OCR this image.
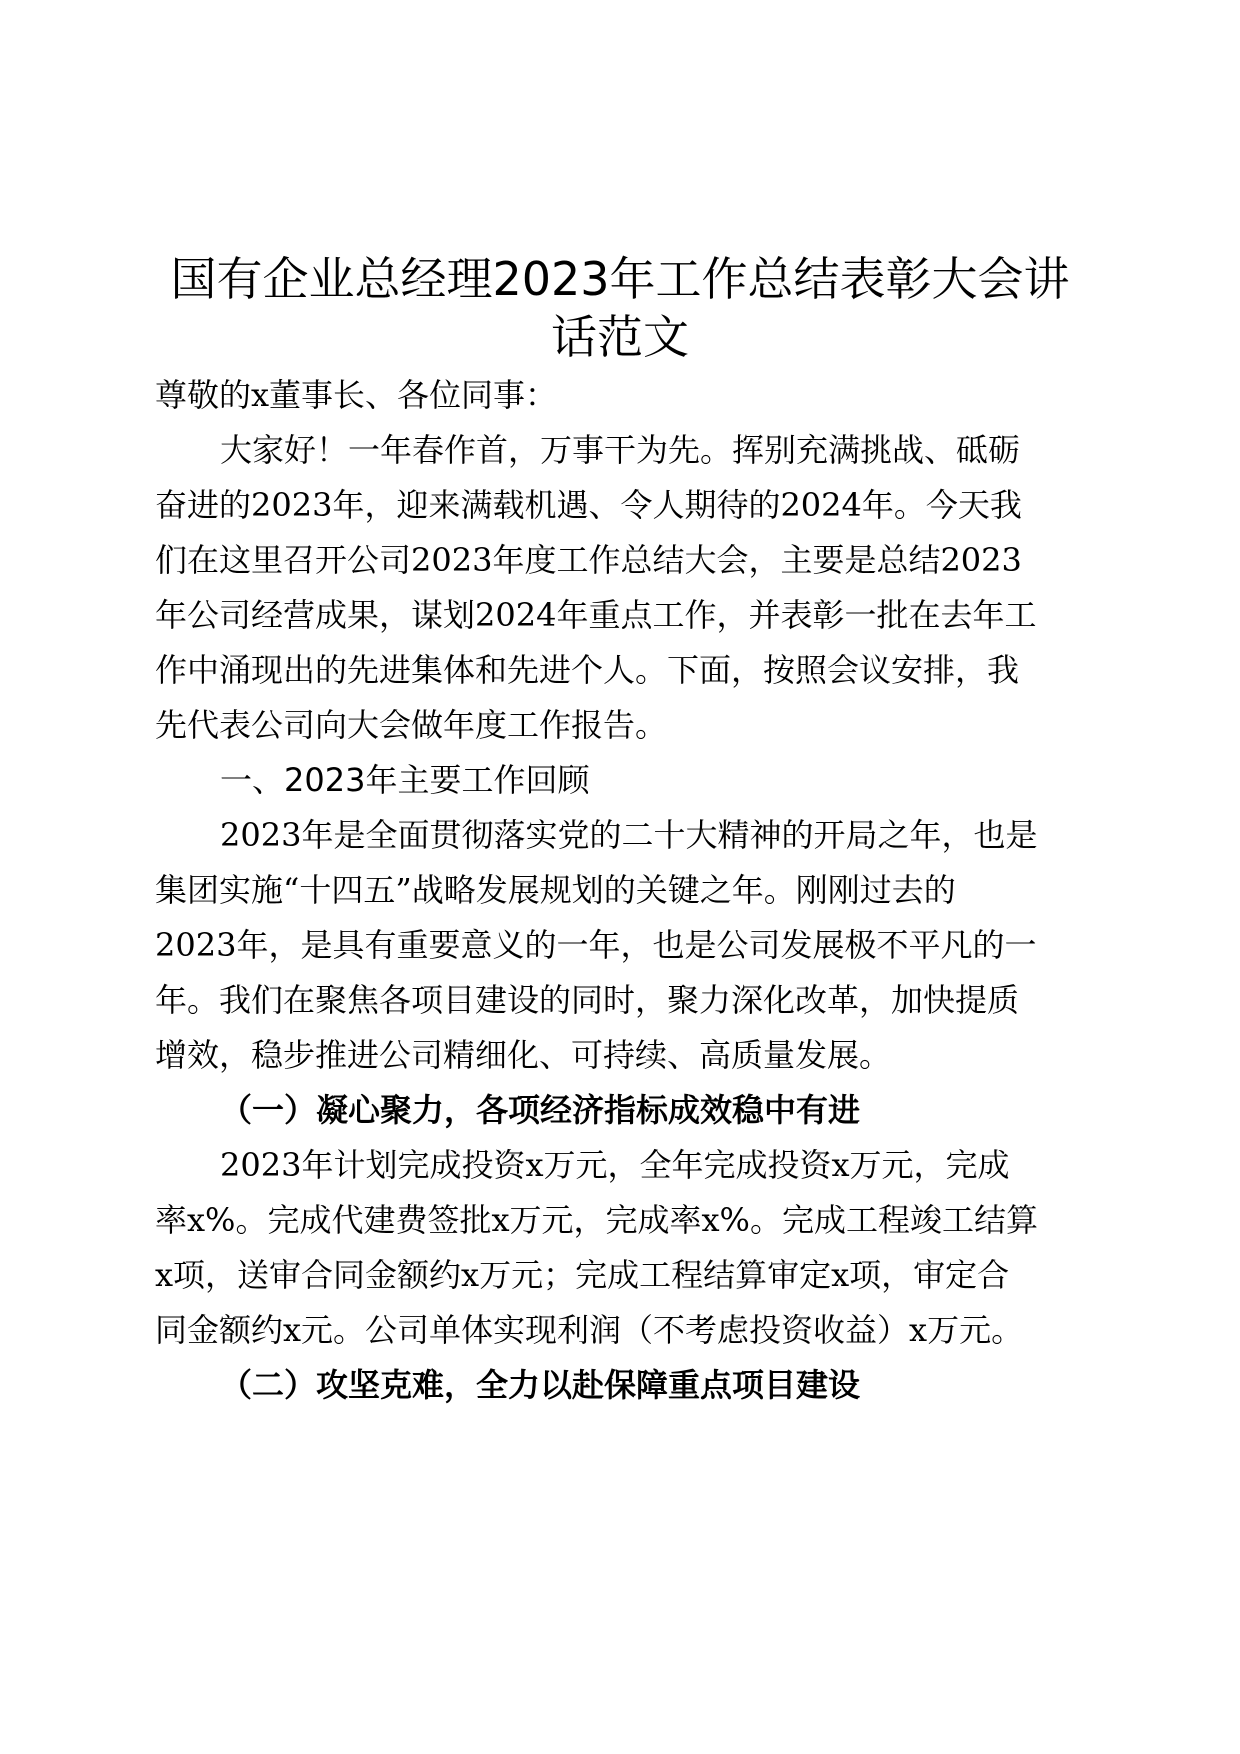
国有企业总经理2023年工作总结表彰大会讲
话范文

尊敬的x董事长、各位同事：

大家好！一年春作首，万事干为先。挥别充满挑战、砥砺

奋进的2023年，迎来满载机遇、令人期待的2024年。今天我

们在这里召开公司2023年度工作总结大会，主要是总结2023

年公司经营成果，谋划2024年重点工作，并表彰一批在去年工

作中涌现出的先进集体和先进个人。下面，按照会议安排，我

先代表公司向大会做年度工作报告。

一、2023年主要工作回顾

2023年是全面贯彻落实党的二十大精神的开局之年，也是

集团实施“十四五”战略发展规划的关键之年。刚刚过去的

2023年，是具有重要意义的一年，也是公司发展极不平凡的一

年。我们在聚焦各项目建设的同时，聚力深化改革，加快提质

增效，稳步推进公司精细化、可持续、高质量发展。

（一）凝心聚力，各项经济指标成效稳中有进

2023年计划完成投资x万元，全年完成投资x万元，完成

率x%。完成代建费签批x万元，完成率x%。完成工程竣工结算

x项，送审合同金额约x万元；完成工程结算审定x项，审定合

同金额约x元。公司单体实现利润（不考虑投资收益）x万元。

（二）攻坚克难，全力以赴保障重点项目建设
